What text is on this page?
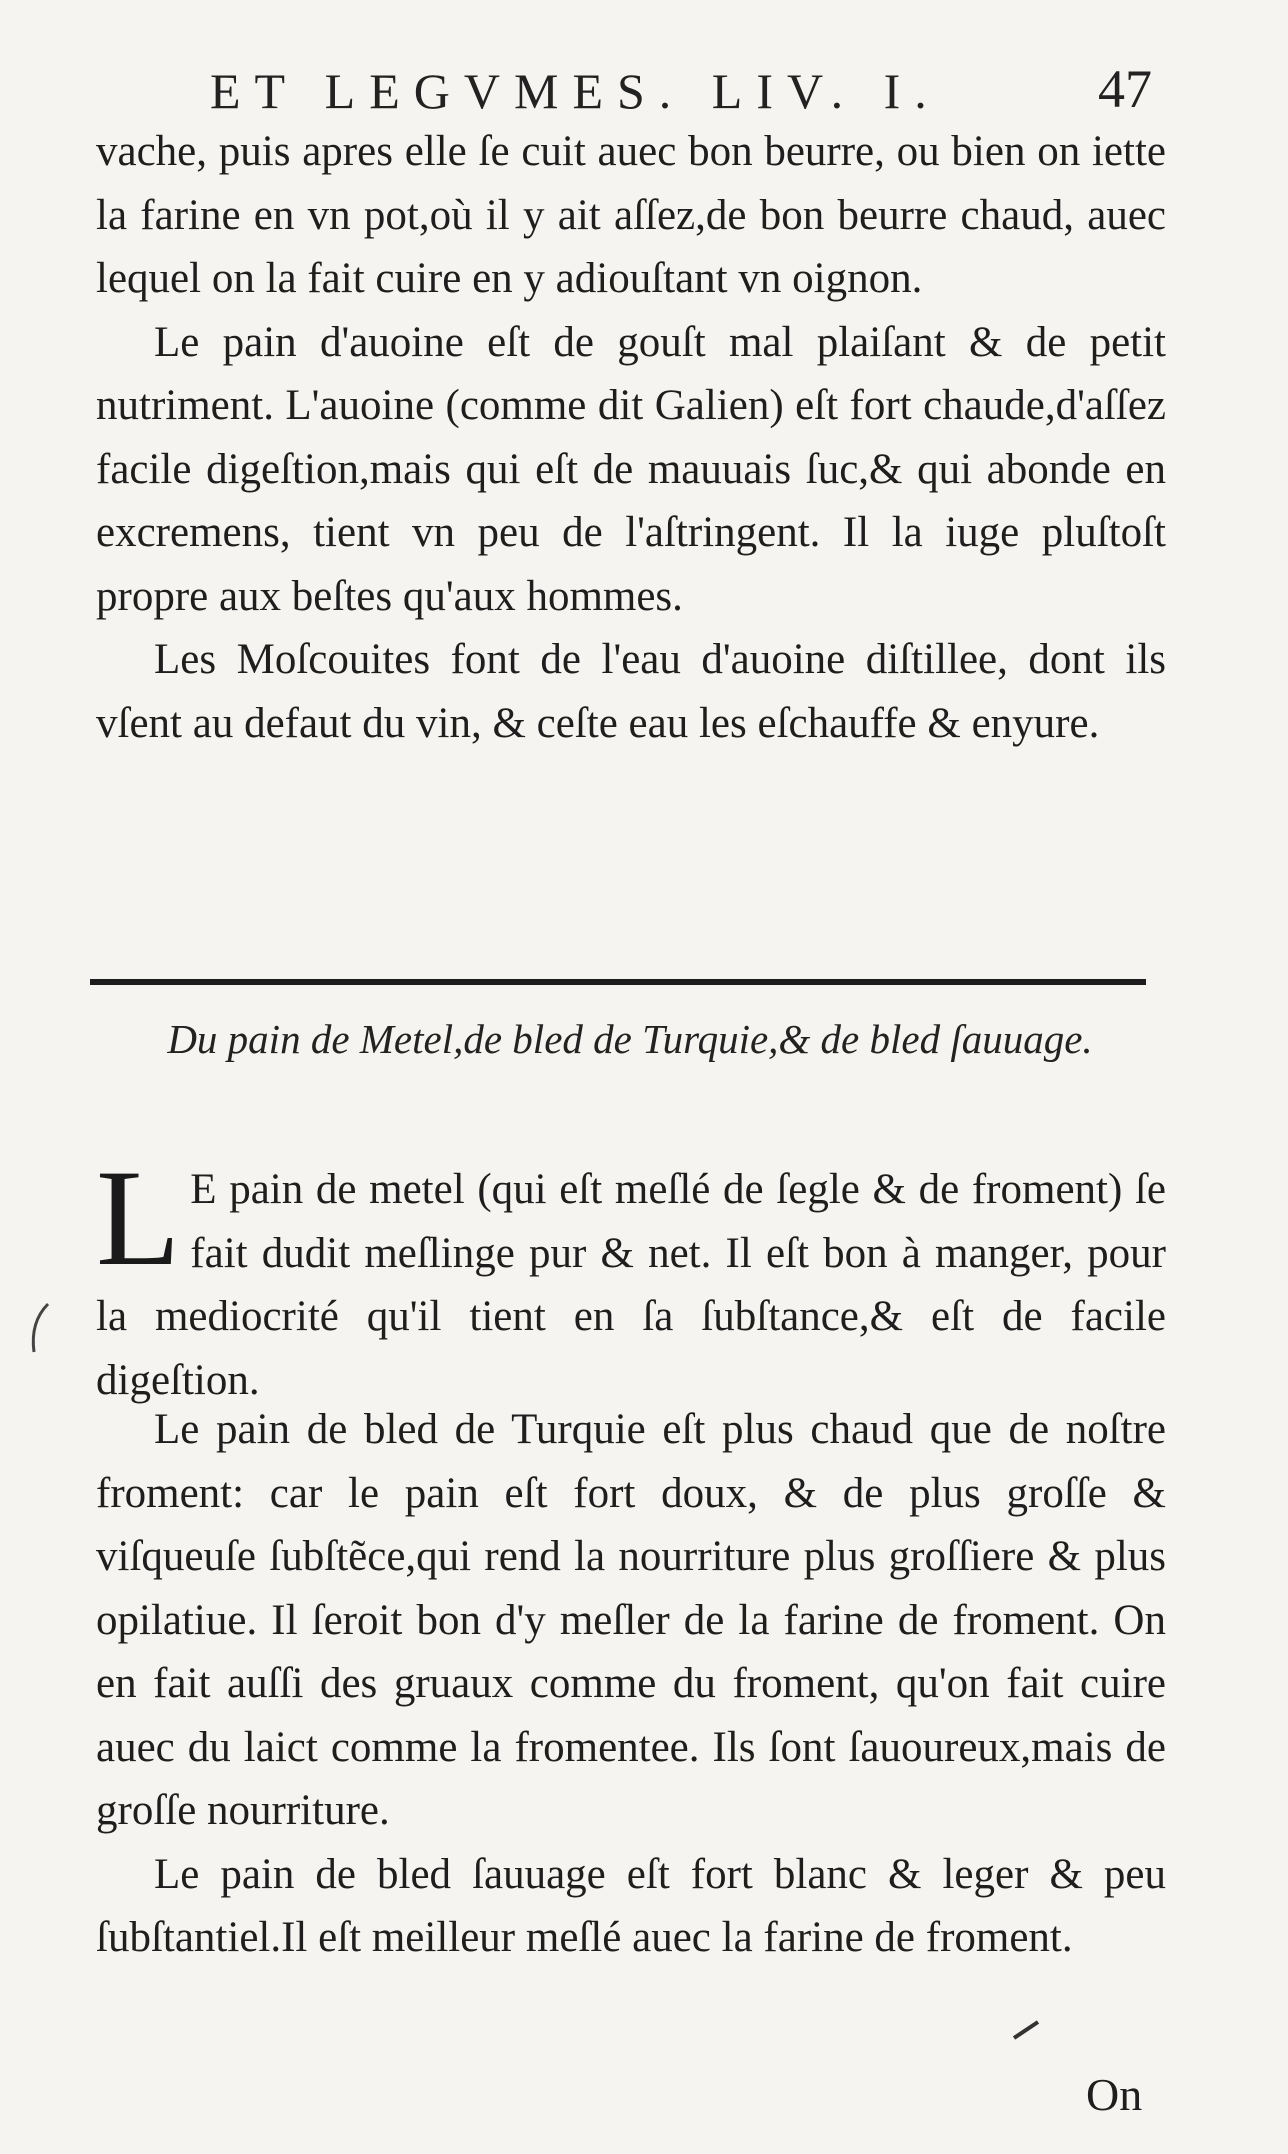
ET LEGVMES. LIV. I.	47

vache, puis apres elle ſe cuit auec bon beurre, ou bien on iette la farine en vn pot,où il y ait aſſez,de bon beurre chaud, auec lequel on la fait cuire en y adiouſtant vn oignon.

Le pain d'auoine eſt de gouſt mal plaiſant & de petit nutriment. L'auoine (comme dit Galien) eſt fort chaude,d'aſſez facile digeſtion,mais qui eſt de mauuais ſuc,& qui abonde en excremens, tient vn peu de l'aſtringent. Il la iuge pluſtoſt propre aux beſtes qu'aux hommes.

Les Moſcouites font de l'eau d'auoine diſtillee, dont ils vſent au defaut du vin, & ceſte eau les eſchauffe & enyure.

Du pain de Metel,de bled de Turquie,& de bled ſauuage.
L E pain de metel (qui eſt meſlé de ſegle & de froment) ſe fait dudit meſlinge pur & net. Il eſt bon à manger, pour la mediocrité qu'il tient en ſa ſubſtance,& eſt de facile digeſtion.

Le pain de bled de Turquie eſt plus chaud que de noſtre froment: car le pain eſt fort doux, & de plus groſſe & viſqueuſe ſubſtẽce,qui rend la nourriture plus groſſiere & plus opilatiue. Il ſeroit bon d'y meſler de la farine de froment. On en fait auſſi des gruaux comme du froment, qu'on fait cuire auec du laict comme la fromentee. Ils ſont ſauoureux,mais de groſſe nourriture.

Le pain de bled ſauuage eſt fort blanc & leger & peu ſubſtantiel.Il eſt meilleur meſlé auec la farine de froment.

On
